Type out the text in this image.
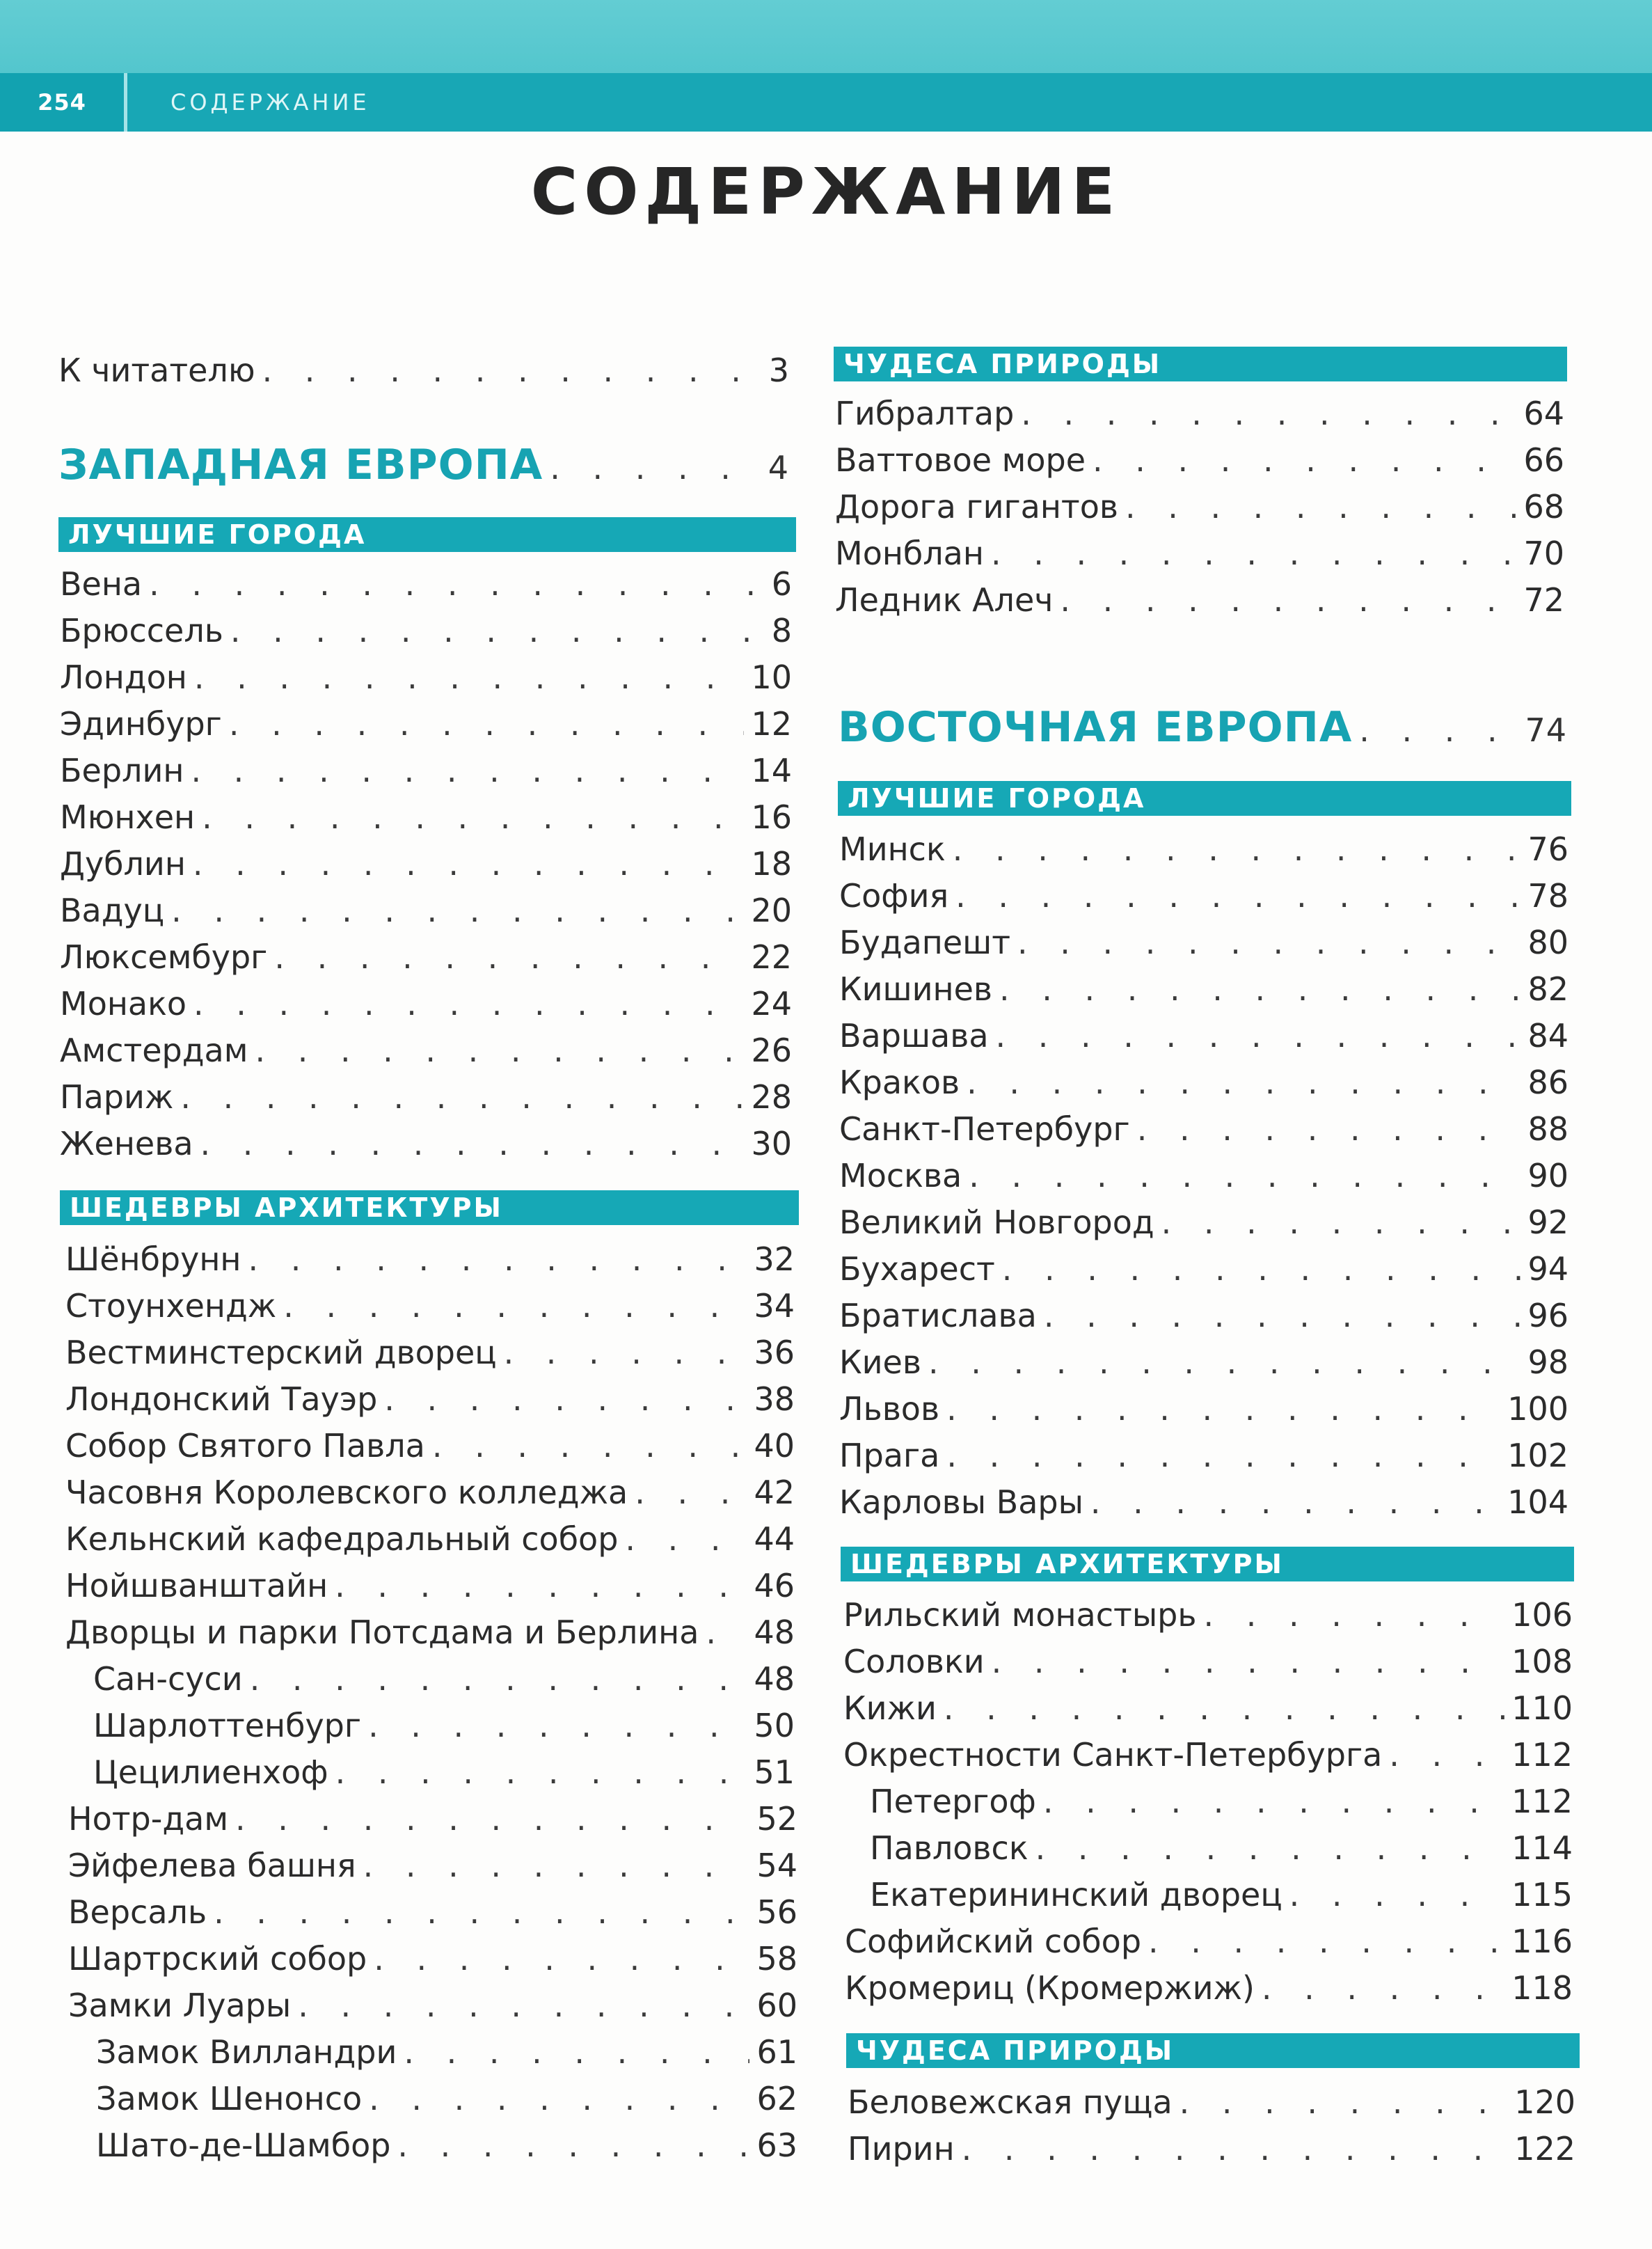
254	СОДЕРЖАНИЕ
СОДЕРЖАНИЕ
К читателю . . .	3
ЗАПАДНАЯ ЕВРОПА . . .	4
ЛУЧШИЕ ГОРОДА
Вена . . .	6
Брюссель . . .	8
Лондон . . .	10
Эдинбург . . .	12
Берлин . . .	14
Мюнхен . . .	16
Дублин . . .	18
Вадуц . . .	20
Люксембург . . .	22
Монако . . .	24
Амстердам . . .	26
Париж . . .	28
Женева . . .	30
ШЕДЕВРЫ АРХИТЕКТУРЫ
Шёнбрунн . . .	32
Стоунхендж . . .	34
Вестминстерский дворец . . .	36
Лондонский Тауэр . . .	38
Собор Святого Павла . . .	40
Часовня Королевского колледжа . . .	42
Кельнский кафедральный собор . . .	44
Нойшванштайн . . .	46
Дворцы и парки Потсдама и Берлина . . . 48
Сан-суси . . .	48
Шарлоттенбург . . .	50
Цецилиенхоф . . .	51
Нотр-дам . . .	52
Эйфелева башня . . .	54
Версаль . . .	56
Шартрский собор . . .	58
Замки Луары . . .	60
Замок Вилландри . . .	61
Замок Шенонсо . . .	62
Шато-де-Шамбор . . .	63
ЧУДЕСА ПРИРОДЫ
Гибралтар . . .	64
Ваттовое море . . .	66
Дорога гигантов . . .	68
Монблан . . .	70
Ледник Алеч . . .	72
ВОСТОЧНАЯ ЕВРОПА . . .	74
ЛУЧШИЕ ГОРОДА
Минск . . .	76
София . . .	78
Будапешт . . .	80
Кишинев . . .	82
Варшава . . .	84
Краков . . .	86
Санкт-Петербург . . .	88
Москва . . .	90
Великий Новгород . . .	92
Бухарест . . .	94
Братислава . . .	96
Киев . . .	98
Львов . . .	100
Прага . . .	102
Карловы Вары . . .	104
ШЕДЕВРЫ АРХИТЕКТУРЫ
Рильский монастырь . . .	106
Соловки . . .	108
Кижи . . .	110
Окрестности Санкт-Петербурга . . .	112
Петергоф . . .	112
Павловск . . .	114
Екатерининский дворец . . .	115
Софийский собор . . .	116
Кромериц (Кромержиж) . . .	118
ЧУДЕСА ПРИРОДЫ
Беловежская пуща . . .	120
Пирин . . .	122
